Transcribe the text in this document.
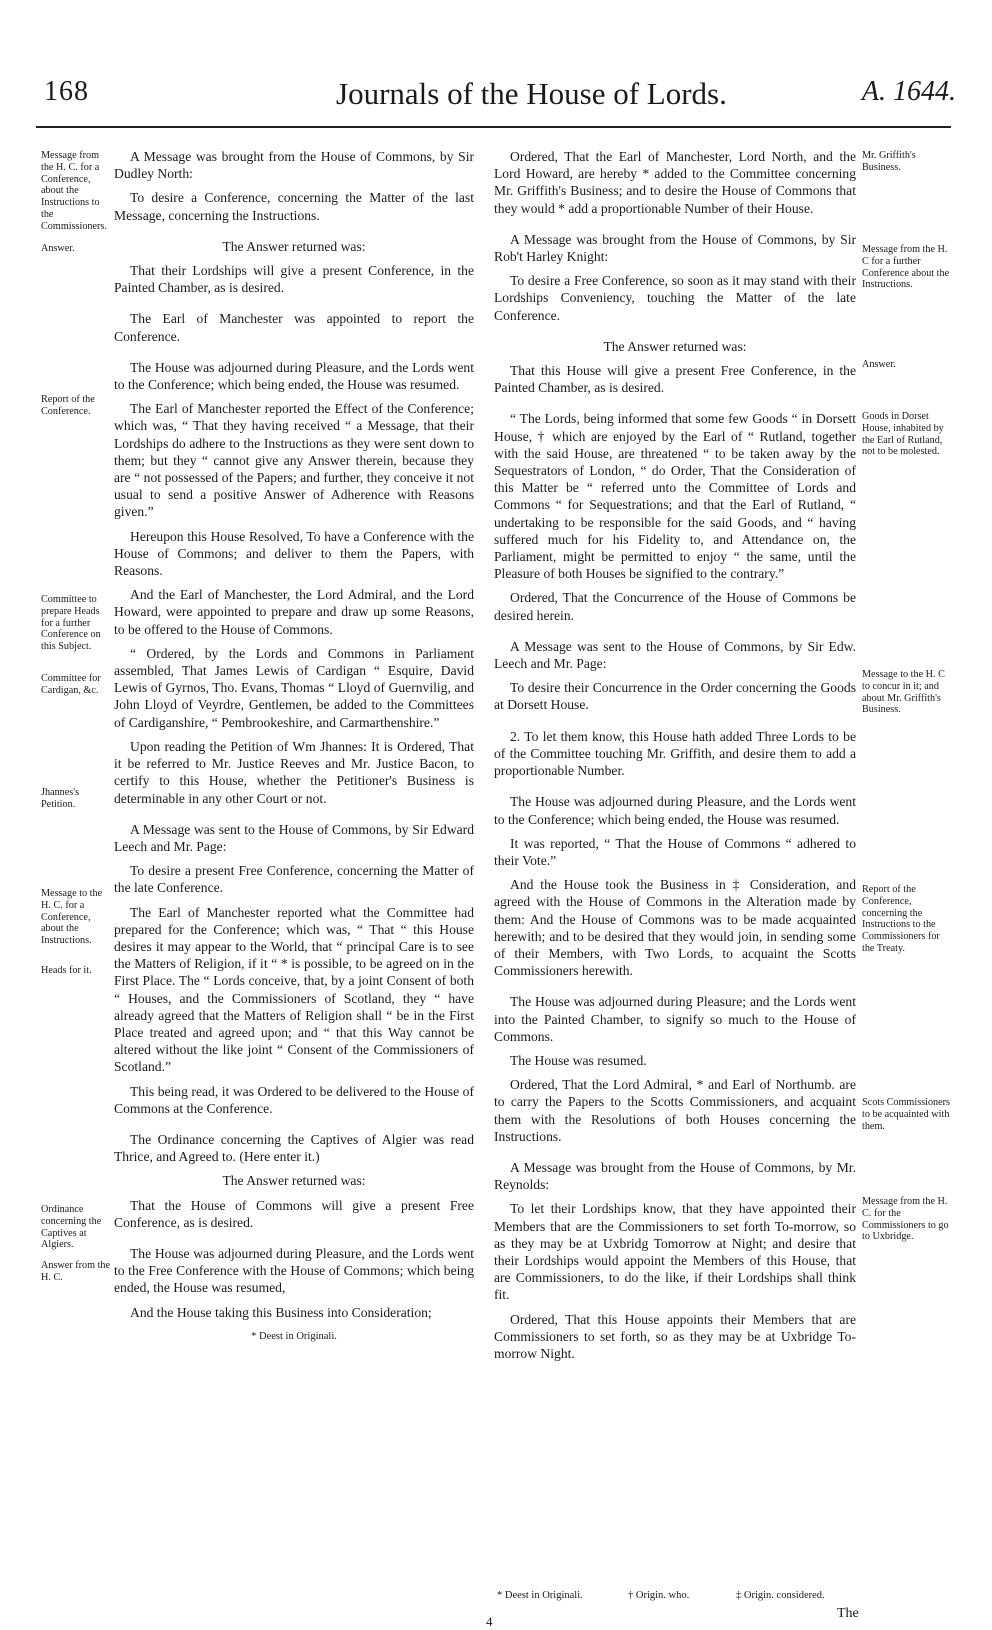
168	Journals of the House of Lords.	A. 1644.
Message from the H. C. for a Conference, about the Instructions to the Commissioners.
Answer.
Report of the Conference.
Committee to prepare Heads for a further Conference on this Subject.
Committee for Cardigan, &c.
Jhannes's Petition.
Message to the H. C. for a Conference, about the Instructions.
Heads for it.
Ordinance concerning the Captives at Algiers.
Answer from the H. C.

A Message was brought from the House of Commons, by Sir Dudley North:

To desire a Conference, concerning the Matter of the last Message, concerning the Instructions.

The Answer returned was:

That their Lordships will give a present Conference, in the Painted Chamber, as is desired.

The Earl of Manchester was appointed to report the Conference.

The House was adjourned during Pleasure, and the Lords went to the Conference; which being ended, the House was resumed.

The Earl of Manchester reported the Effect of the Conference; which was, “ That they having received “ a Message, that their Lordships do adhere to the Instructions as they were sent down to them; but they “ cannot give any Answer therein, because they are “ not possessed of the Papers; and further, they conceive it not usual to send a positive Answer of Adherence with Reasons given.”

Hereupon this House Resolved, To have a Conference with the House of Commons; and deliver to them the Papers, with Reasons.

And the Earl of Manchester, the Lord Admiral, and the Lord Howard, were appointed to prepare and draw up some Reasons, to be offered to the House of Commons.

“ Ordered, by the Lords and Commons in Parliament assembled, That James Lewis of Cardigan “ Esquire, David Lewis of Gyrnos, Tho. Evans, Thomas “ Lloyd of Guernvilig, and John Lloyd of Veyrdre, Gentlemen, be added to the Committees of Cardiganshire, “ Pembrookeshire, and Carmarthenshire.”

Upon reading the Petition of Wm Jhannes: It is Ordered, That it be referred to Mr. Justice Reeves and Mr. Justice Bacon, to certify to this House, whether the Petitioner's Business is determinable in any other Court or not.

A Message was sent to the House of Commons, by Sir Edward Leech and Mr. Page:

To desire a present Free Conference, concerning the Matter of the late Conference.

The Earl of Manchester reported what the Committee had prepared for the Conference; which was, “ That “ this House desires it may appear to the World, that “ principal Care is to see the Matters of Religion, if it “ * is possible, to be agreed on in the First Place. The “ Lords conceive, that, by a joint Consent of both “ Houses, and the Commissioners of Scotland, they “ have already agreed that the Matters of Religion shall “ be in the First Place treated and agreed upon; and “ that this Way cannot be altered without the like joint “ Consent of the Commissioners of Scotland.”

This being read, it was Ordered to be delivered to the House of Commons at the Conference.

The Ordinance concerning the Captives of Algier was read Thrice, and Agreed to. (Here enter it.)

The Answer returned was:

That the House of Commons will give a present Free Conference, as is desired.

The House was adjourned during Pleasure, and the Lords went to the Free Conference with the House of Commons; which being ended, the House was resumed,

And the House taking this Business into Consideration;

* Deest in Originali.

Ordered, That the Earl of Manchester, Lord North, and the Lord Howard, are hereby * added to the Committee concerning Mr. Griffith's Business; and to desire the House of Commons that they would * add a proportionable Number of their House.

A Message was brought from the House of Commons, by Sir Rob't Harley Knight:

To desire a Free Conference, so soon as it may stand with their Lordships Conveniency, touching the Matter of the late Conference.

The Answer returned was:

That this House will give a present Free Conference, in the Painted Chamber, as is desired.

“ The Lords, being informed that some few Goods “ in Dorsett House, † which are enjoyed by the Earl of “ Rutland, together with the said House, are threatened “ to be taken away by the Sequestrators of London, “ do Order, That the Consideration of this Matter be “ referred unto the Committee of Lords and Commons “ for Sequestrations; and that the Earl of Rutland, “ undertaking to be responsible for the said Goods, and “ having suffered much for his Fidelity to, and Attendance on, the Parliament, might be permitted to enjoy “ the same, until the Pleasure of both Houses be signified to the contrary.”

Ordered, That the Concurrence of the House of Commons be desired herein.

A Message was sent to the House of Commons, by Sir Edw. Leech and Mr. Page:

To desire their Concurrence in the Order concerning the Goods at Dorsett House.

2. To let them know, this House hath added Three Lords to be of the Committee touching Mr. Griffith, and desire them to add a proportionable Number.

The House was adjourned during Pleasure, and the Lords went to the Conference; which being ended, the House was resumed.

It was reported, “ That the House of Commons “ adhered to their Vote.”

And the House took the Business in ‡ Consideration, and agreed with the House of Commons in the Alteration made by them: And the House of Commons was to be made acquainted herewith; and to be desired that they would join, in sending some of their Members, with Two Lords, to acquaint the Scotts Commissioners herewith.

The House was adjourned during Pleasure; and the Lords went into the Painted Chamber, to signify so much to the House of Commons.

The House was resumed.

Ordered, That the Lord Admiral, * and Earl of Northumb. are to carry the Papers to the Scotts Commissioners, and acquaint them with the Resolutions of both Houses concerning the Instructions.

A Message was brought from the House of Commons, by Mr. Reynolds:

To let their Lordships know, that they have appointed their Members that are the Commissioners to set forth To-morrow, so as they may be at Uxbridg Tomorrow at Night; and desire that their Lordships would appoint the Members of this House, that are Commissioners, to do the like, if their Lordships shall think fit.

Ordered, That this House appoints their Members that are Commissioners to set forth, so as they may be at Uxbridge To-morrow Night.

Mr. Griffith's Business.
Message from the H. C for a further Conference about the Instructions.
Answer.
Goods in Dorset House, inhabited by the Earl of Rutland, not to be molested.
Message to the H. C to concur in it; and about Mr. Griffith's Business.
Report of the Conference, concerning the Instructions to the Commissioners for the Treaty.
Scots Commissioners to be acquainted with them.
Message from the H. C. for the Commissioners to go to Uxbridge.
* Deest in Originali.	† Origin. who.	‡ Origin. considered.
4
The
